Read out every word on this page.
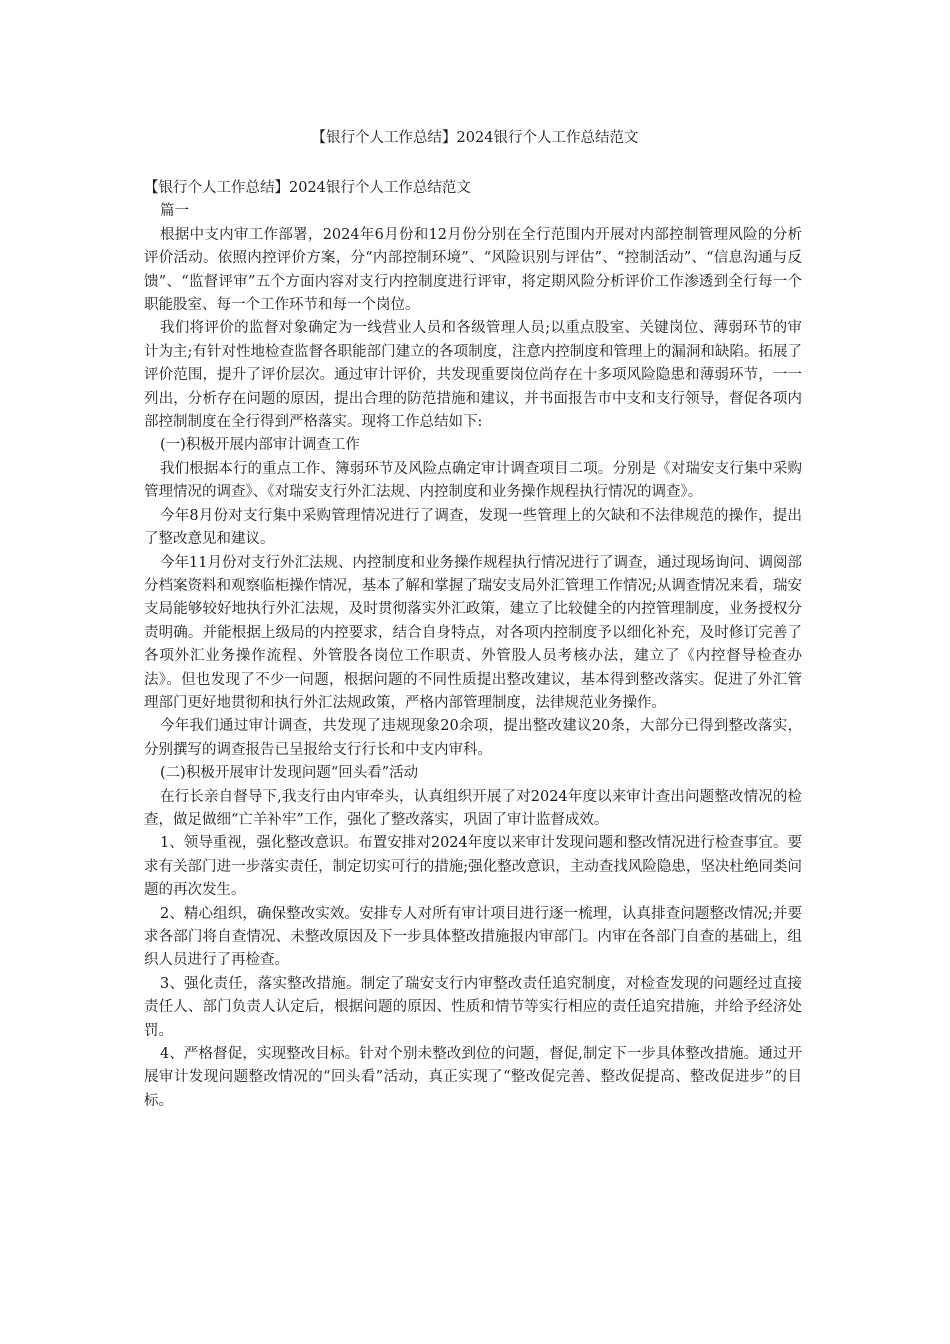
【银行个人工作总结】2024银行个人工作总结范文

【银行个人工作总结】2024银行个人工作总结范文

篇一

根据中支内审工作部署，2024年6月份和12月份分别在全行范围内开展对内部控制管理风险的分析评价活动。依照内控评价方案，分“内部控制环境”、“风险识别与评估”、“控制活动”、“信息沟通与反馈”、“监督评审”五个方面内容对支行内控制度进行评审，将定期风险分析评价工作渗透到全行每一个职能股室、每一个工作环节和每一个岗位。

我们将评价的监督对象确定为一线营业人员和各级管理人员;以重点股室、关键岗位、薄弱环节的审计为主;有针对性地检查监督各职能部门建立的各项制度，注意内控制度和管理上的漏洞和缺陷。拓展了评价范围，提升了评价层次。通过审计评价，共发现重要岗位尚存在十多项风险隐患和薄弱环节，一一列出，分析存在问题的原因，提出合理的防范措施和建议，并书面报告市中支和支行领导，督促各项内部控制制度在全行得到严格落实。现将工作总结如下:

(一)积极开展内部审计调查工作

我们根据本行的重点工作、簿弱环节及风险点确定审计调查项目二项。分别是《对瑞安支行集中采购管理情况的调查》、《对瑞安支行外汇法规、内控制度和业务操作规程执行情况的调查》。

今年8月份对支行集中采购管理情况进行了调查，发现一些管理上的欠缺和不法律规范的操作，提出了整改意见和建议。

今年11月份对支行外汇法规、内控制度和业务操作规程执行情况进行了调查，通过现场询问、调阅部分档案资料和观察临柜操作情况，基本了解和掌握了瑞安支局外汇管理工作情况;从调查情况来看，瑞安支局能够较好地执行外汇法规，及时贯彻落实外汇政策，建立了比较健全的内控管理制度，业务授权分责明确。并能根据上级局的内控要求，结合自身特点，对各项内控制度予以细化补充，及时修订完善了各项外汇业务操作流程、外管股各岗位工作职责、外管股人员考核办法，建立了《内控督导检查办法》。但也发现了不少一问题，根据问题的不同性质提出整改建议，基本得到整改落实。促进了外汇管理部门更好地贯彻和执行外汇法规政策，严格内部管理制度，法律规范业务操作。

今年我们通过审计调查，共发现了违规现象20余项，提出整改建议20条，大部分已得到整改落实，分别撰写的调查报告已呈报给支行行长和中支内审科。

(二)积极开展审计发现问题“回头看”活动

在行长亲自督导下,我支行由内审牵头，认真组织开展了对2024年度以来审计查出问题整改情况的检查，做足做细“亡羊补牢”工作，强化了整改落实，巩固了审计监督成效。

1、领导重视，强化整改意识。布置安排对2024年度以来审计发现问题和整改情况进行检查事宜。要求有关部门进一步落实责任，制定切实可行的措施;强化整改意识，主动查找风险隐患，坚决杜绝同类问题的再次发生。

2、精心组织，确保整改实效。安排专人对所有审计项目进行逐一梳理，认真排查问题整改情况;并要求各部门将自查情况、未整改原因及下一步具体整改措施报内审部门。内审在各部门自查的基础上，组织人员进行了再检查。

3、强化责任，落实整改措施。制定了瑞安支行内审整改责任追究制度，对检查发现的问题经过直接责任人、部门负责人认定后，根据问题的原因、性质和情节等实行相应的责任追究措施，并给予经济处罚。

4、严格督促，实现整改目标。针对个别未整改到位的问题，督促,制定下一步具体整改措施。通过开展审计发现问题整改情况的“回头看”活动，真正实现了“整改促完善、整改促提高、整改促进步”的目标。
